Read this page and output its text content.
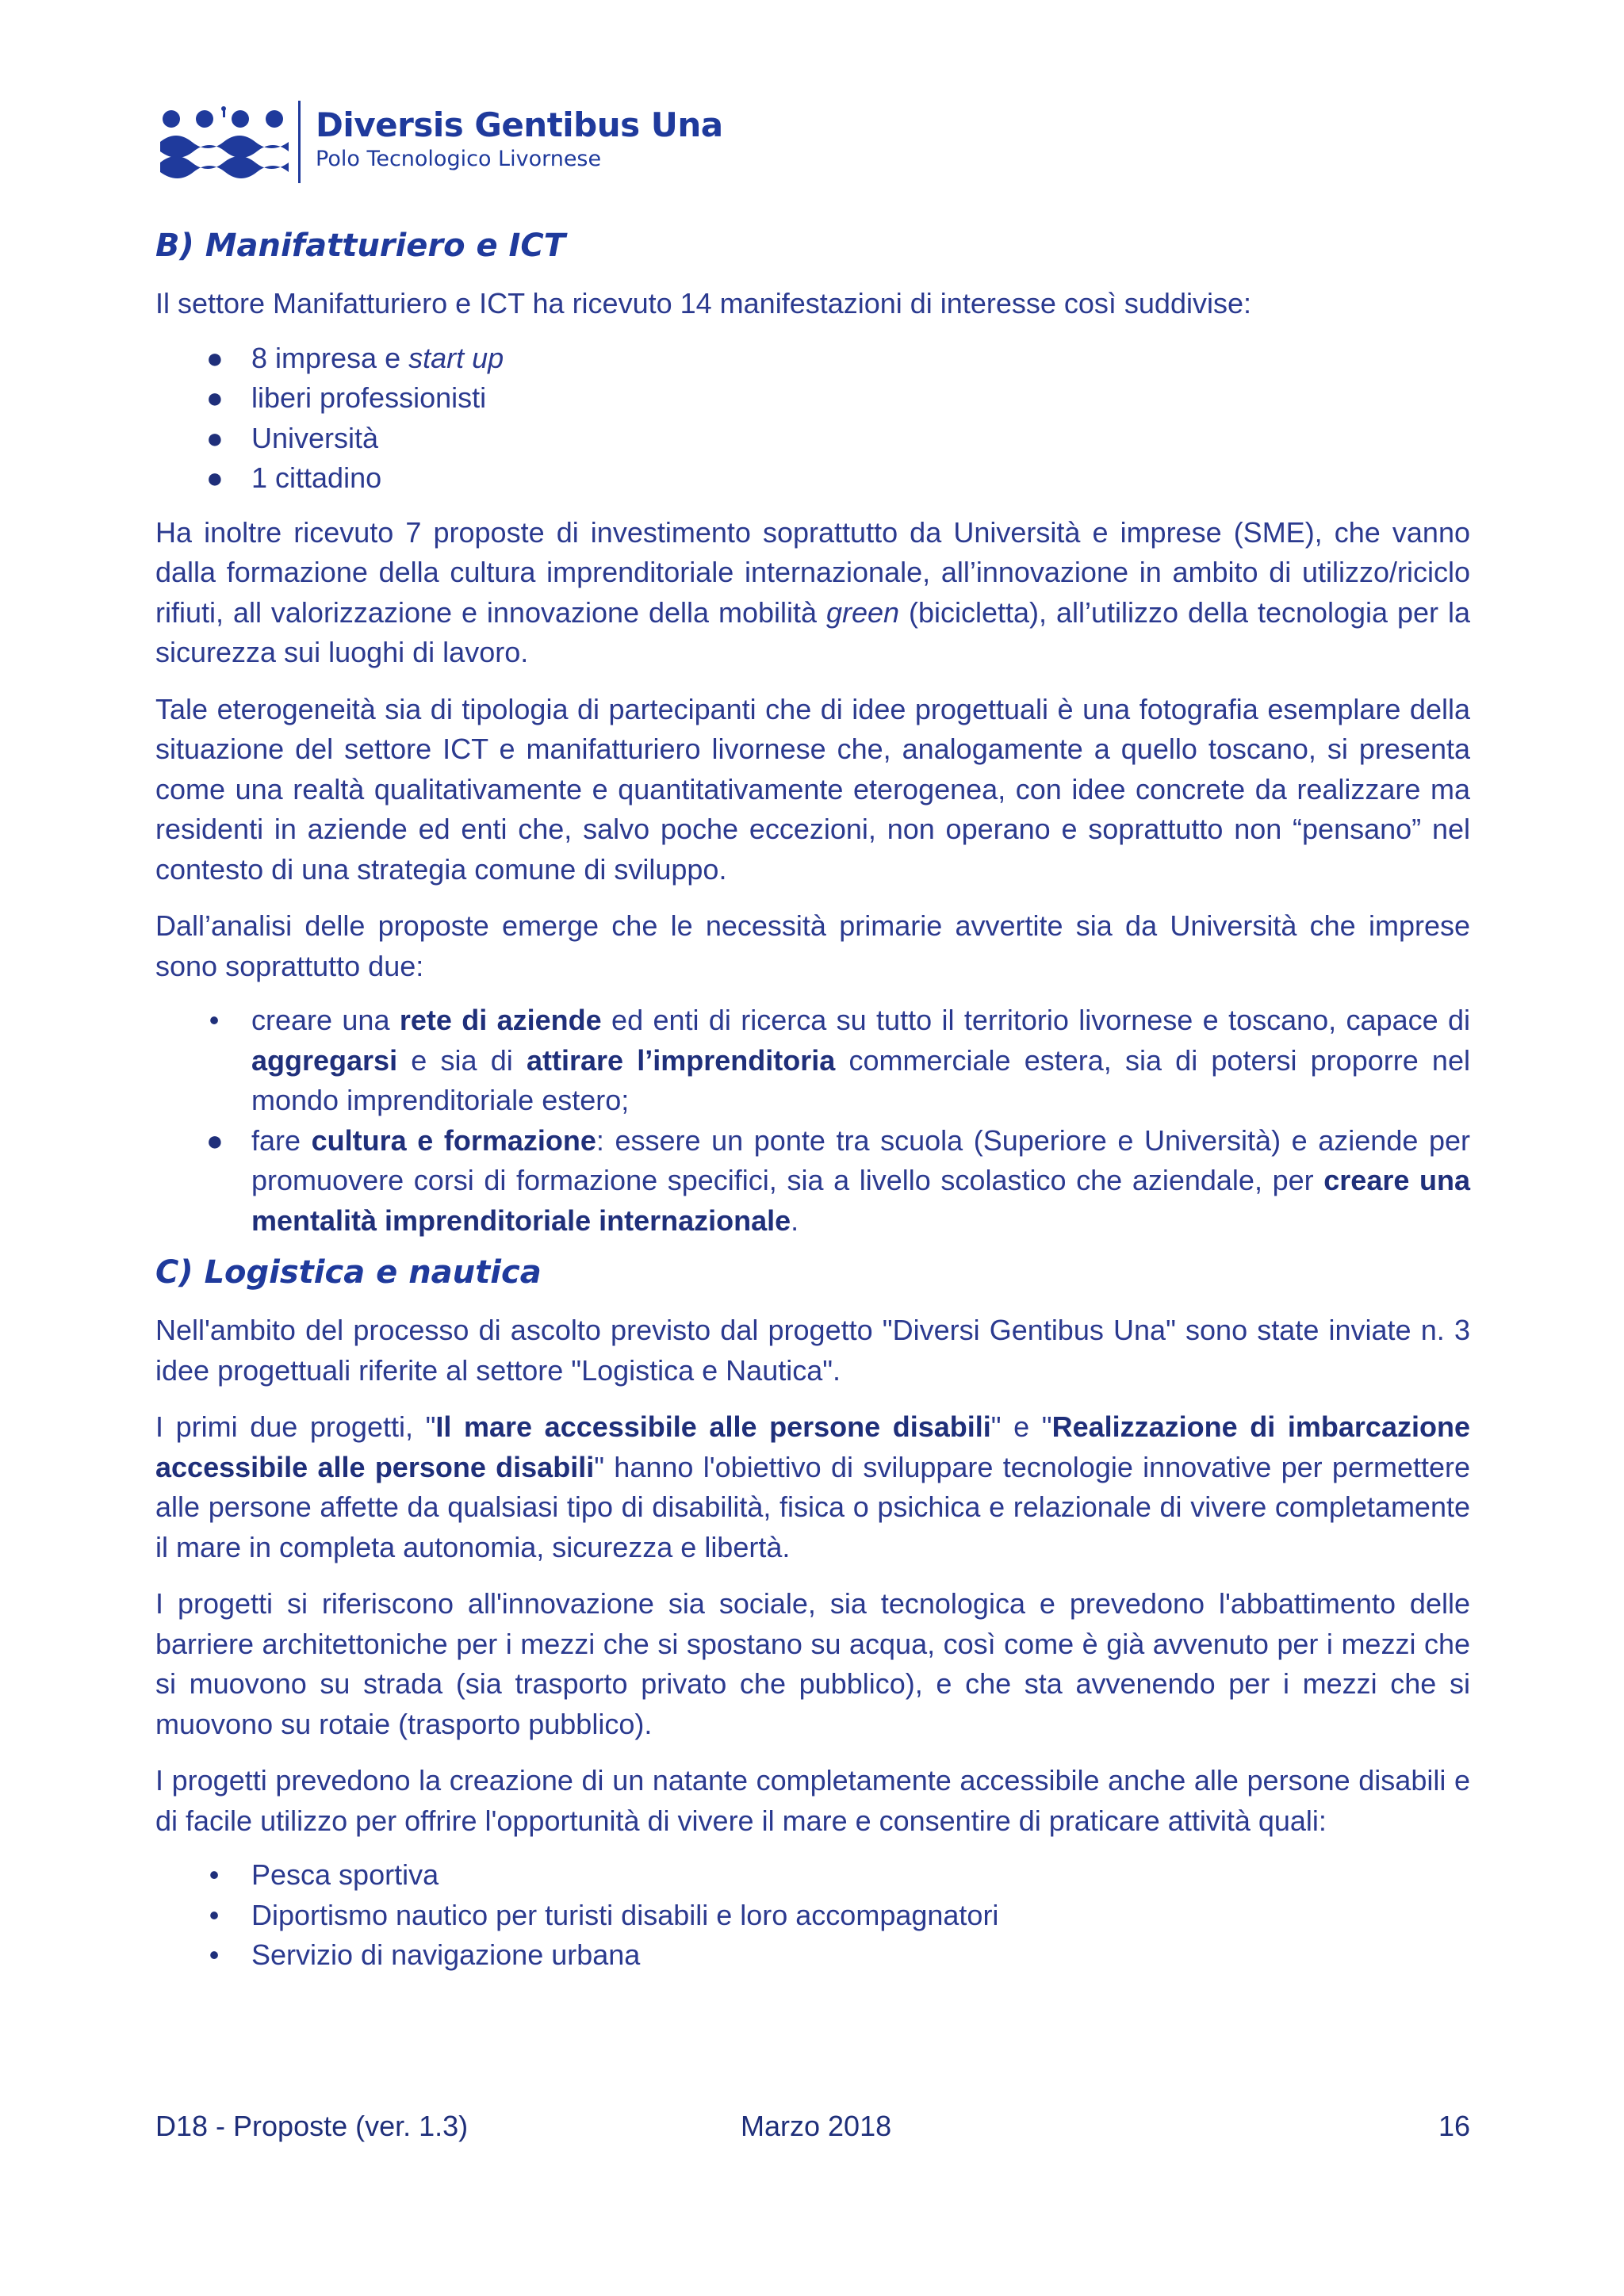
Diversis Gentibus Una
Polo Tecnologico Livornese
B) Manifatturiero e ICT

Il settore Manifatturiero e ICT ha ricevuto 14 manifestazioni di interesse così suddivise:

● 8 impresa e start up
● liberi professionisti
● Università
● 1 cittadino

Ha inoltre ricevuto 7 proposte di investimento soprattutto da Università e imprese (SME), che vanno dalla formazione della cultura imprenditoriale internazionale, all’innovazione in ambito di utilizzo/riciclo rifiuti, all valorizzazione e innovazione della mobilità green (bicicletta), all’utilizzo della tecnologia per la sicurezza sui luoghi di lavoro.

Tale eterogeneità sia di tipologia di partecipanti che di idee progettuali è una fotografia esemplare della situazione del settore ICT e manifatturiero livornese che, analogamente a quello toscano, si presenta come una realtà qualitativamente e quantitativamente eterogenea, con idee concrete da realizzare ma residenti in aziende ed enti che, salvo poche eccezioni, non operano e soprattutto non “pensano” nel contesto di una strategia comune di sviluppo.

Dall’analisi delle proposte emerge che le necessità primarie avvertite sia da Università che imprese sono soprattutto due:

• creare una rete di aziende ed enti di ricerca su tutto il territorio livornese e toscano, capace di aggregarsi e sia di attirare l’imprenditoria commerciale estera, sia di potersi proporre nel mondo imprenditoriale estero;
● fare cultura e formazione: essere un ponte tra scuola (Superiore e Università) e aziende per promuovere corsi di formazione specifici, sia a livello scolastico che aziendale, per creare una mentalità imprenditoriale internazionale.
C) Logistica e nautica

Nell'ambito del processo di ascolto previsto dal progetto "Diversi Gentibus Una" sono state inviate n. 3 idee progettuali riferite al settore "Logistica e Nautica".

I primi due progetti, "Il mare accessibile alle persone disabili" e "Realizzazione di imbarcazione accessibile alle persone disabili" hanno l'obiettivo di sviluppare tecnologie innovative per permettere alle persone affette da qualsiasi tipo di disabilità, fisica o psichica e relazionale di vivere completamente il mare in completa autonomia, sicurezza e libertà.

I progetti si riferiscono all'innovazione sia sociale, sia tecnologica e prevedono l'abbattimento delle barriere architettoniche per i mezzi che si spostano su acqua, così come è già avvenuto per i mezzi che si muovono su strada (sia trasporto privato che pubblico), e che sta avvenendo per i mezzi che si muovono su rotaie (trasporto pubblico).

I progetti prevedono la creazione di un natante completamente accessibile anche alle persone disabili e di facile utilizzo per offrire l'opportunità di vivere il mare e consentire di praticare attività quali:

• Pesca sportiva
• Diportismo nautico per turisti disabili e loro accompagnatori
• Servizio di navigazione urbana
D18 - Proposte (ver. 1.3)	Marzo 2018	16
